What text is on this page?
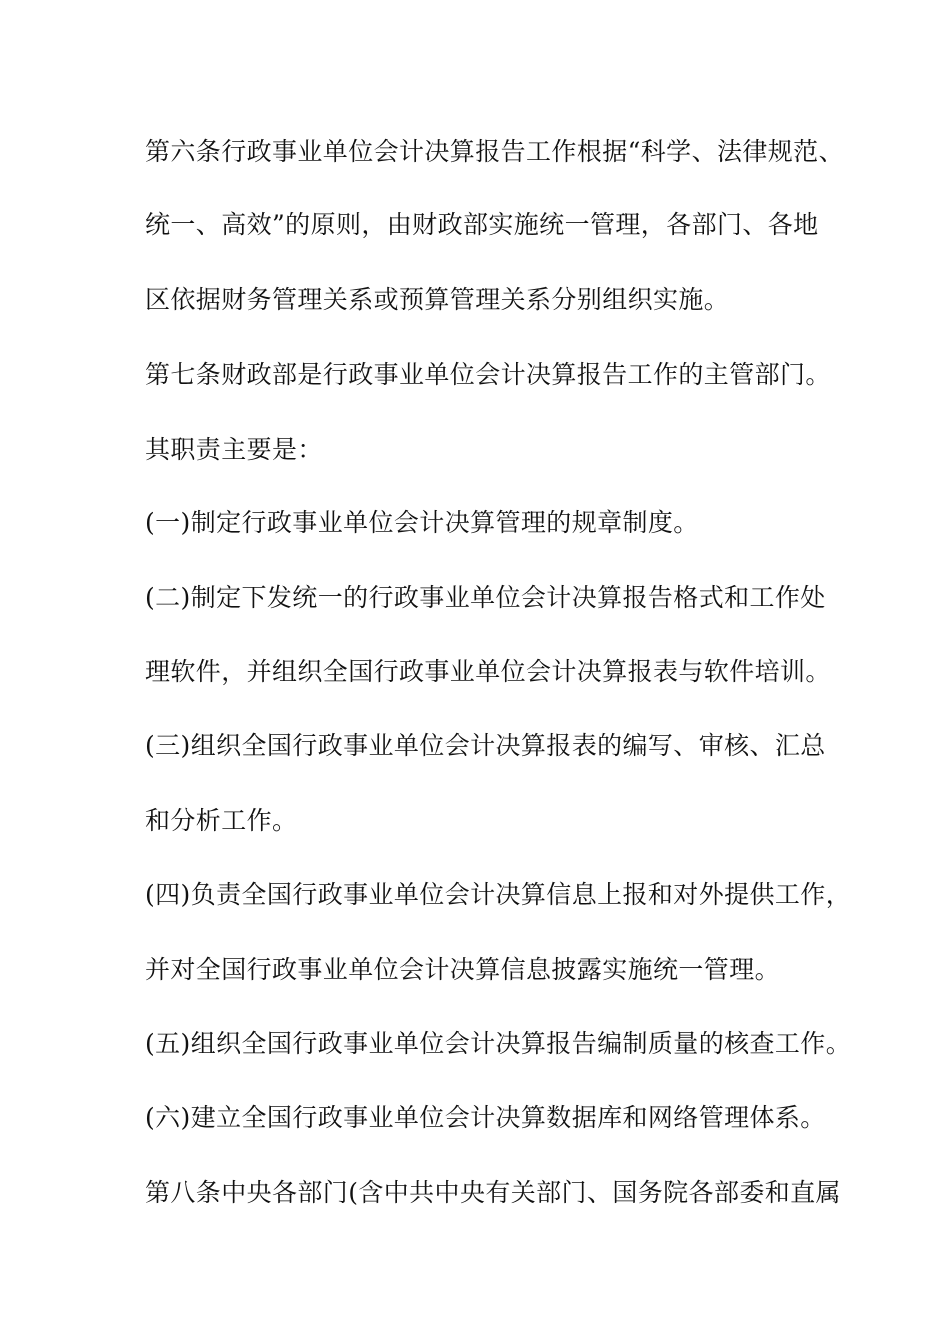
第六条行政事业单位会计决算报告工作根据“科学、法律规范、
统一、高效”的原则，由财政部实施统一管理，各部门、各地
区依据财务管理关系或预算管理关系分别组织实施。
第七条财政部是行政事业单位会计决算报告工作的主管部门。
其职责主要是：
(一)制定行政事业单位会计决算管理的规章制度。
(二)制定下发统一的行政事业单位会计决算报告格式和工作处
理软件，并组织全国行政事业单位会计决算报表与软件培训。
(三)组织全国行政事业单位会计决算报表的编写、审核、汇总
和分析工作。
(四)负责全国行政事业单位会计决算信息上报和对外提供工作，
并对全国行政事业单位会计决算信息披露实施统一管理。
(五)组织全国行政事业单位会计决算报告编制质量的核查工作。
(六)建立全国行政事业单位会计决算数据库和网络管理体系。
第八条中央各部门(含中共中央有关部门、国务院各部委和直属
